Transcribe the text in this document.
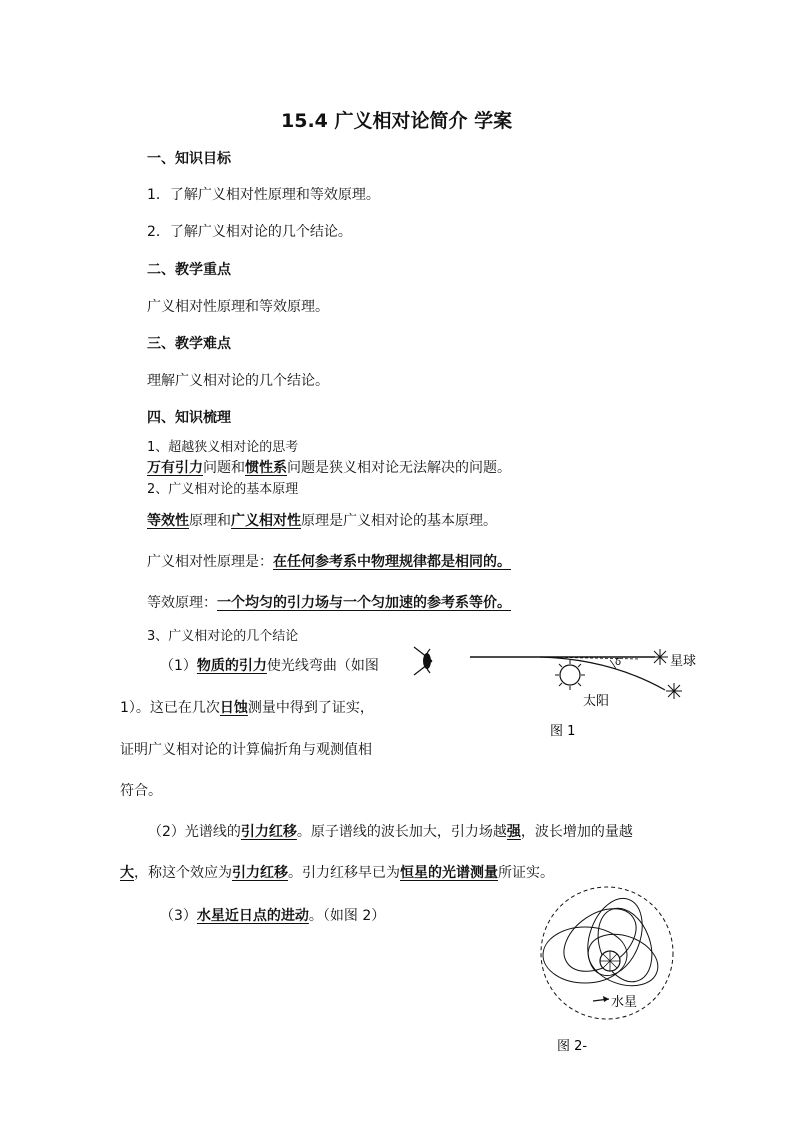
15.4 广义相对论简介 学案
一、知识目标
1．了解广义相对性原理和等效原理。
2．了解广义相对论的几个结论。
二、教学重点
广义相对性原理和等效原理。
三、教学难点
理解广义相对论的几个结论。
四、知识梳理
1、超越狭义相对论的思考
万有引力问题和惯性系问题是狭义相对论无法解决的问题。
2、广义相对论的基本原理
等效性原理和广义相对性原理是广义相对论的基本原理。
广义相对性原理是：在任何参考系中物理规律都是相同的。
等效原理：一个均匀的引力场与一个匀加速的参考系等价。
3、广义相对论的几个结论
（1）物质的引力使光线弯曲（如图
1）。这已在几次日蚀测量中得到了证实，
证明广义相对论的计算偏折角与观测值相
符合。
（2）光谱线的引力红移。原子谱线的波长加大，引力场越强，波长增加的量越
大，称这个效应为引力红移。引力红移早已为恒星的光谱测量所证实。
（3）水星近日点的进动。（如图 2）
δ
太阳
星球
图 1
水星
图 2-
